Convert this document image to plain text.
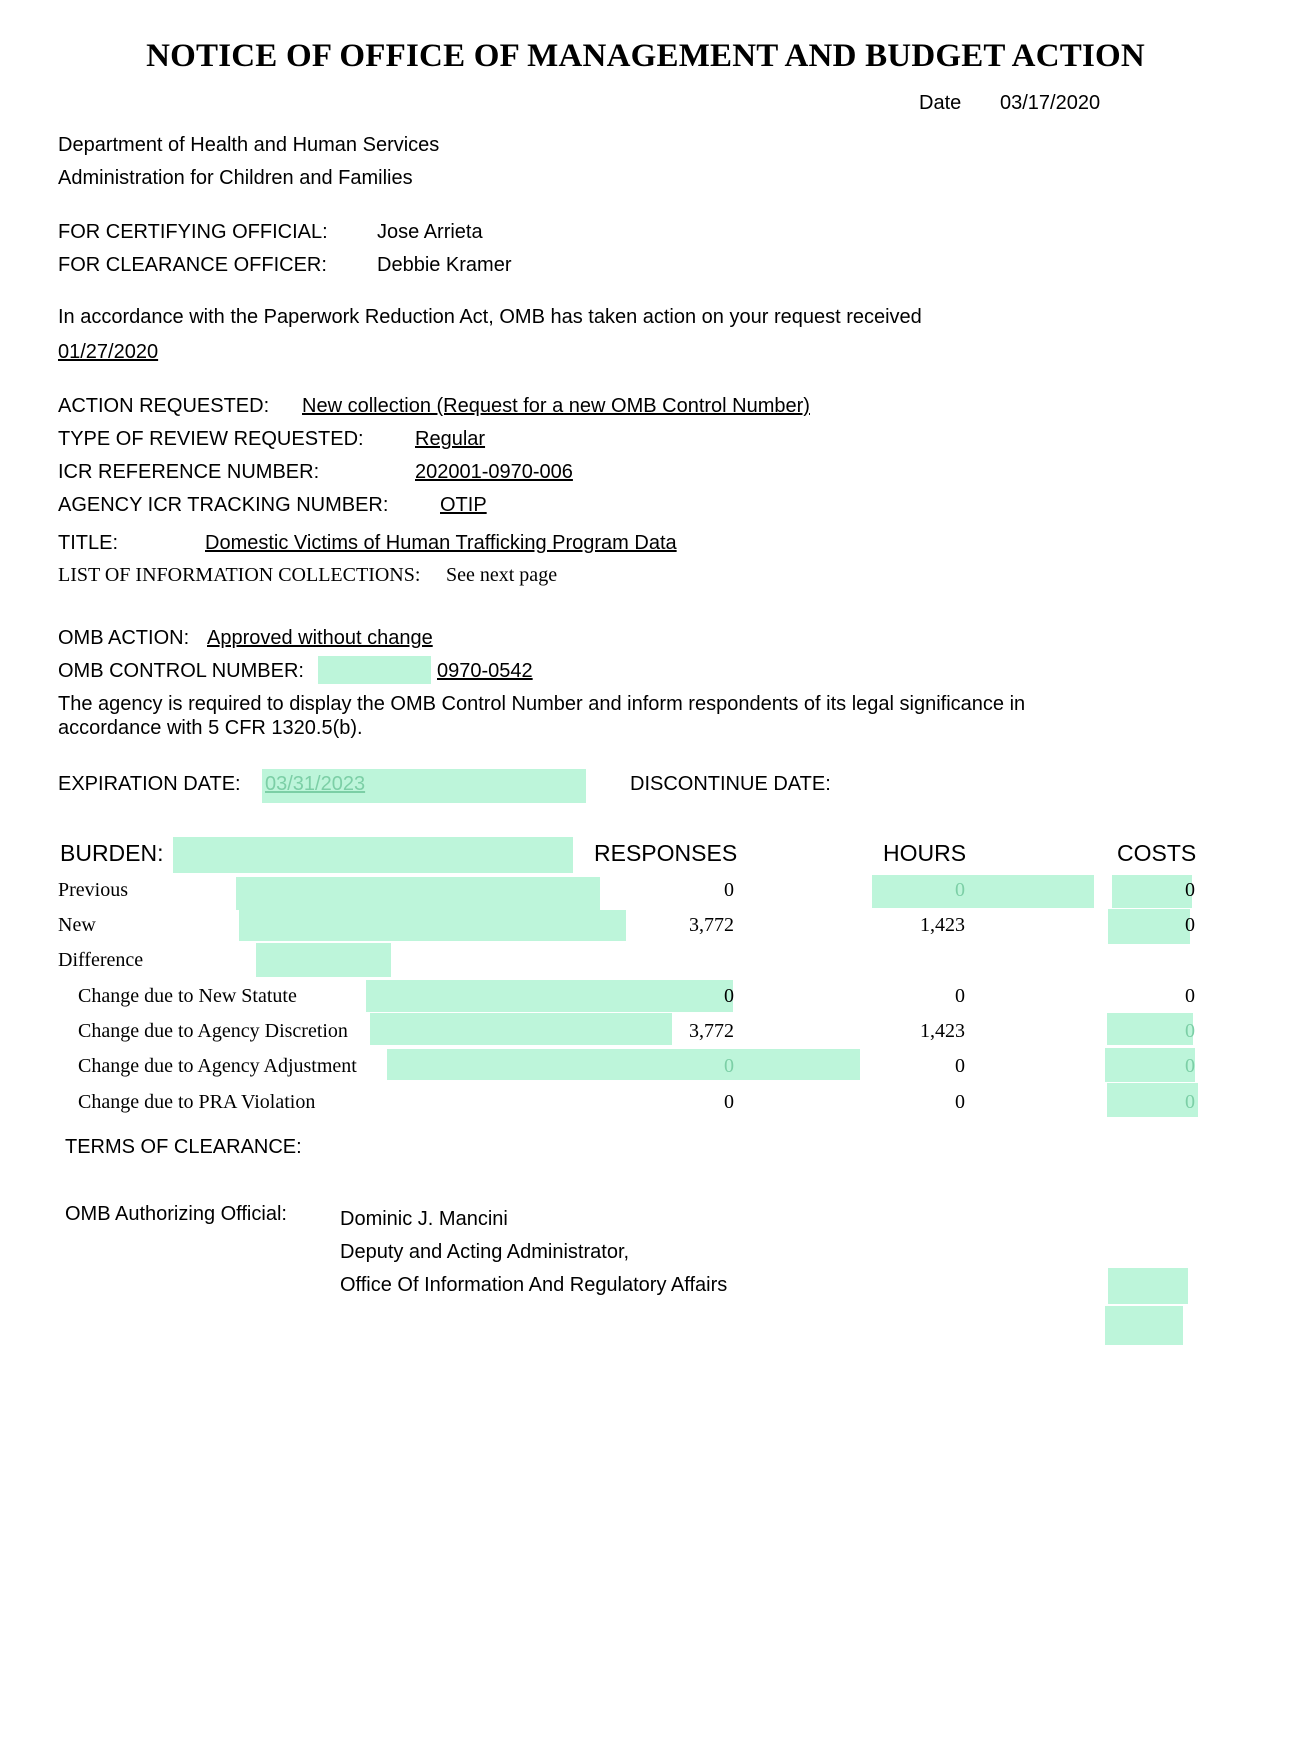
NOTICE OF OFFICE OF MANAGEMENT AND BUDGET ACTION
Date 03/17/2020
Department of Health and Human Services
Administration for Children and Families
FOR CERTIFYING OFFICIAL: Jose Arrieta
FOR CLEARANCE OFFICER:	Debbie Kramer
In accordance with the Paperwork Reduction Act, OMB has taken action on your request received
01/27/2020
ACTION REQUESTED: New collection (Request for a new OMB Control Number)
TYPE OF REVIEW REQUESTED:	Regular
ICR REFERENCE NUMBER:	202001-0970-006
AGENCY ICR TRACKING NUMBER:	OTIP
TITLE:	Domestic Victims of Human Trafficking Program Data
LIST OF INFORMATION COLLECTIONS: See next page
OMB ACTION: Approved without change
OMB CONTROL NUMBER:	0970-0542
The agency is required to display the OMB Control Number and inform respondents of its legal significance in
accordance with 5 CFR 1320.5(b).
EXPIRATION DATE: 03/31/2023	DISCONTINUE DATE:
BURDEN:	RESPONSES	HOURS	COSTS
Previous	0	0	0
New	3,772	1,423	0
Difference
Change due to New Statute	0	0	0
Change due to Agency Discretion	3,772	1,423	0
Change due to Agency Adjustment	0	0	0
Change due to PRA Violation	0	0	0
TERMS OF CLEARANCE:
OMB Authorizing Official:	Dominic J. Mancini
Deputy and Acting Administrator,
Office Of Information And Regulatory Affairs
